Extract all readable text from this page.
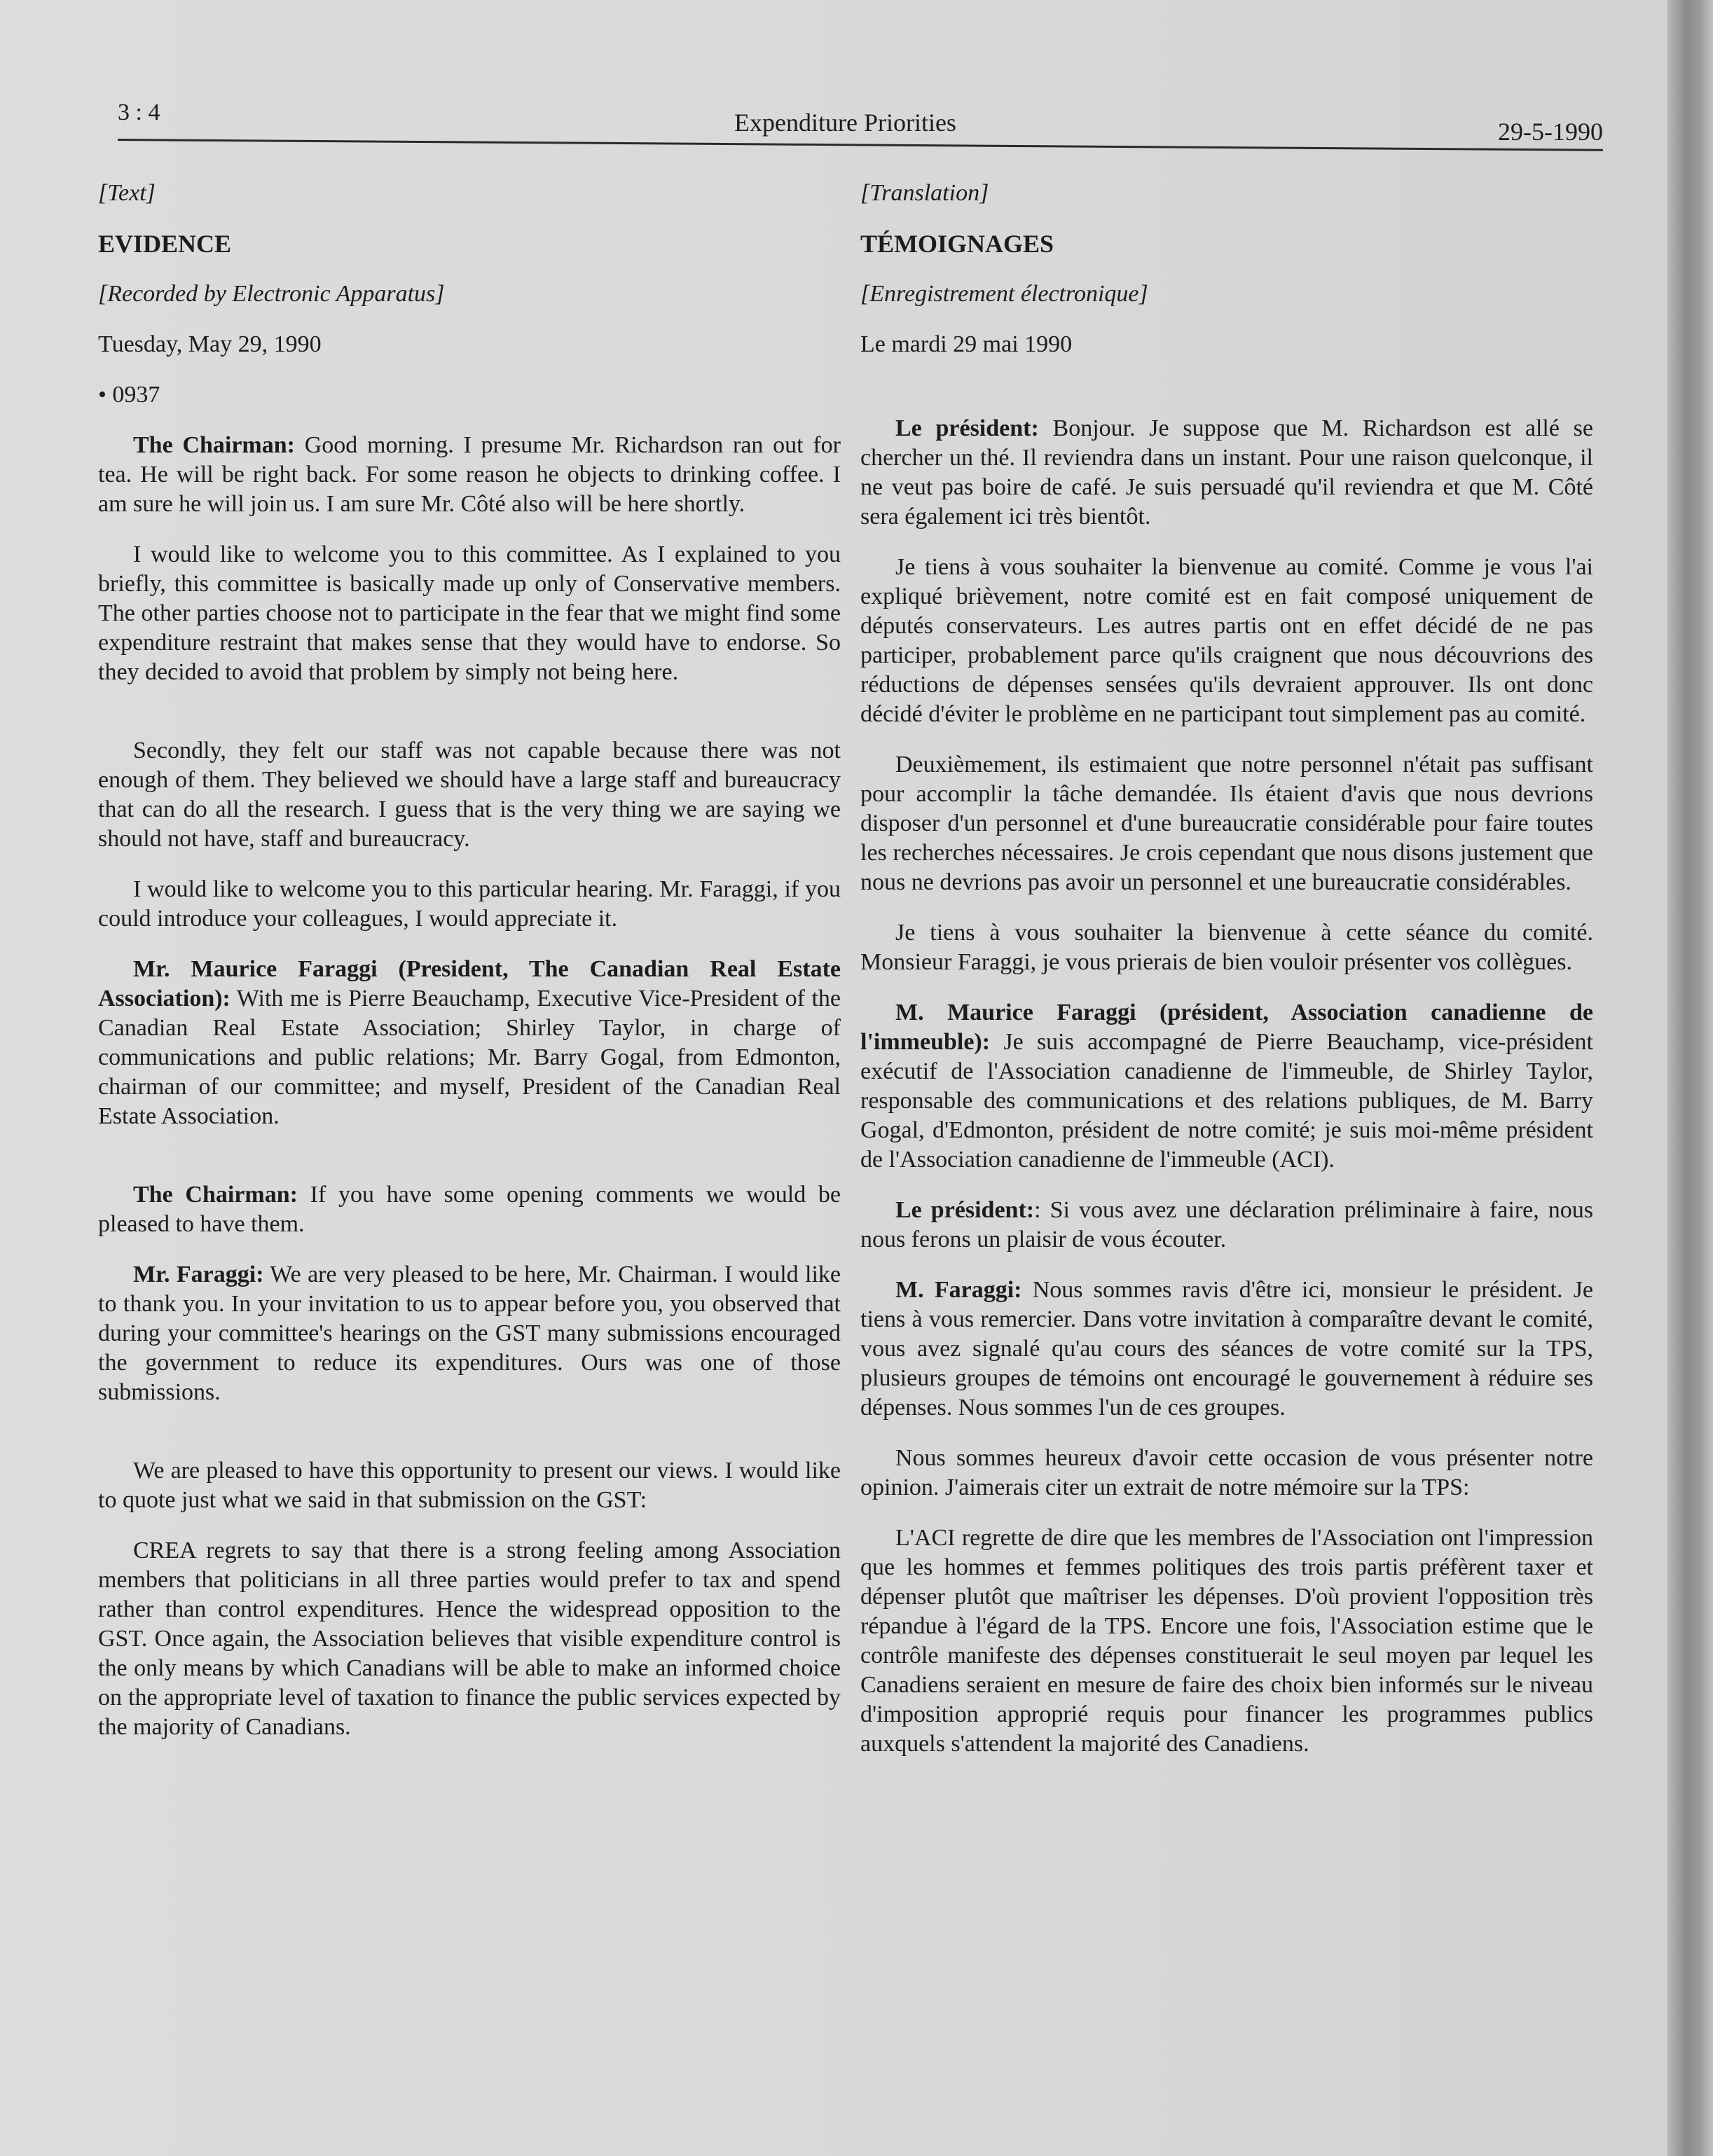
3 : 4	Expenditure Priorities	29-5-1990

[Text]

EVIDENCE

[Recorded by Electronic Apparatus]

Tuesday, May 29, 1990

• 0937

The Chairman: Good morning. I presume Mr. Richardson ran out for tea. He will be right back. For some reason he objects to drinking coffee. I am sure he will join us. I am sure Mr. Côté also will be here shortly.

I would like to welcome you to this committee. As I explained to you briefly, this committee is basically made up only of Conservative members. The other parties choose not to participate in the fear that we might find some expenditure restraint that makes sense that they would have to endorse. So they decided to avoid that problem by simply not being here.

Secondly, they felt our staff was not capable because there was not enough of them. They believed we should have a large staff and bureaucracy that can do all the research. I guess that is the very thing we are saying we should not have, staff and bureaucracy.

I would like to welcome you to this particular hearing. Mr. Faraggi, if you could introduce your colleagues, I would appreciate it.

Mr. Maurice Faraggi (President, The Canadian Real Estate Association): With me is Pierre Beauchamp, Executive Vice-President of the Canadian Real Estate Association; Shirley Taylor, in charge of communications and public relations; Mr. Barry Gogal, from Edmonton, chairman of our committee; and myself, President of the Canadian Real Estate Association.

The Chairman: If you have some opening comments we would be pleased to have them.

Mr. Faraggi: We are very pleased to be here, Mr. Chairman. I would like to thank you. In your invitation to us to appear before you, you observed that during your committee's hearings on the GST many submissions encouraged the government to reduce its expenditures. Ours was one of those submissions.

We are pleased to have this opportunity to present our views. I would like to quote just what we said in that submission on the GST:

CREA regrets to say that there is a strong feeling among Association members that politicians in all three parties would prefer to tax and spend rather than control expenditures. Hence the widespread opposition to the GST. Once again, the Association believes that visible expenditure control is the only means by which Canadians will be able to make an informed choice on the appropriate level of taxation to finance the public services expected by the majority of Canadians.

[Translation]

TÉMOIGNAGES

[Enregistrement électronique]

Le mardi 29 mai 1990

Le président: Bonjour. Je suppose que M. Richardson est allé se chercher un thé. Il reviendra dans un instant. Pour une raison quelconque, il ne veut pas boire de café. Je suis persuadé qu'il reviendra et que M. Côté sera également ici très bientôt.

Je tiens à vous souhaiter la bienvenue au comité. Comme je vous l'ai expliqué brièvement, notre comité est en fait composé uniquement de députés conservateurs. Les autres partis ont en effet décidé de ne pas participer, probablement parce qu'ils craignent que nous découvrions des réductions de dépenses sensées qu'ils devraient approuver. Ils ont donc décidé d'éviter le problème en ne participant tout simplement pas au comité.

Deuxièmement, ils estimaient que notre personnel n'était pas suffisant pour accomplir la tâche demandée. Ils étaient d'avis que nous devrions disposer d'un personnel et d'une bureaucratie considérable pour faire toutes les recherches nécessaires. Je crois cependant que nous disons justement que nous ne devrions pas avoir un personnel et une bureaucratie considérables.

Je tiens à vous souhaiter la bienvenue à cette séance du comité. Monsieur Faraggi, je vous prierais de bien vouloir présenter vos collègues.

M. Maurice Faraggi (président, Association canadienne de l'immeuble): Je suis accompagné de Pierre Beauchamp, vice-président exécutif de l'Association canadienne de l'immeuble, de Shirley Taylor, responsable des communications et des relations publiques, de M. Barry Gogal, d'Edmonton, président de notre comité; je suis moi-même président de l'Association canadienne de l'immeuble (ACI).

Le président:: Si vous avez une déclaration préliminaire à faire, nous nous ferons un plaisir de vous écouter.

M. Faraggi: Nous sommes ravis d'être ici, monsieur le président. Je tiens à vous remercier. Dans votre invitation à comparaître devant le comité, vous avez signalé qu'au cours des séances de votre comité sur la TPS, plusieurs groupes de témoins ont encouragé le gouvernement à réduire ses dépenses. Nous sommes l'un de ces groupes.

Nous sommes heureux d'avoir cette occasion de vous présenter notre opinion. J'aimerais citer un extrait de notre mémoire sur la TPS:

L'ACI regrette de dire que les membres de l'Association ont l'impression que les hommes et femmes politiques des trois partis préfèrent taxer et dépenser plutôt que maîtriser les dépenses. D'où provient l'opposition très répandue à l'égard de la TPS. Encore une fois, l'Association estime que le contrôle manifeste des dépenses constituerait le seul moyen par lequel les Canadiens seraient en mesure de faire des choix bien informés sur le niveau d'imposition approprié requis pour financer les programmes publics auxquels s'attendent la majorité des Canadiens.
